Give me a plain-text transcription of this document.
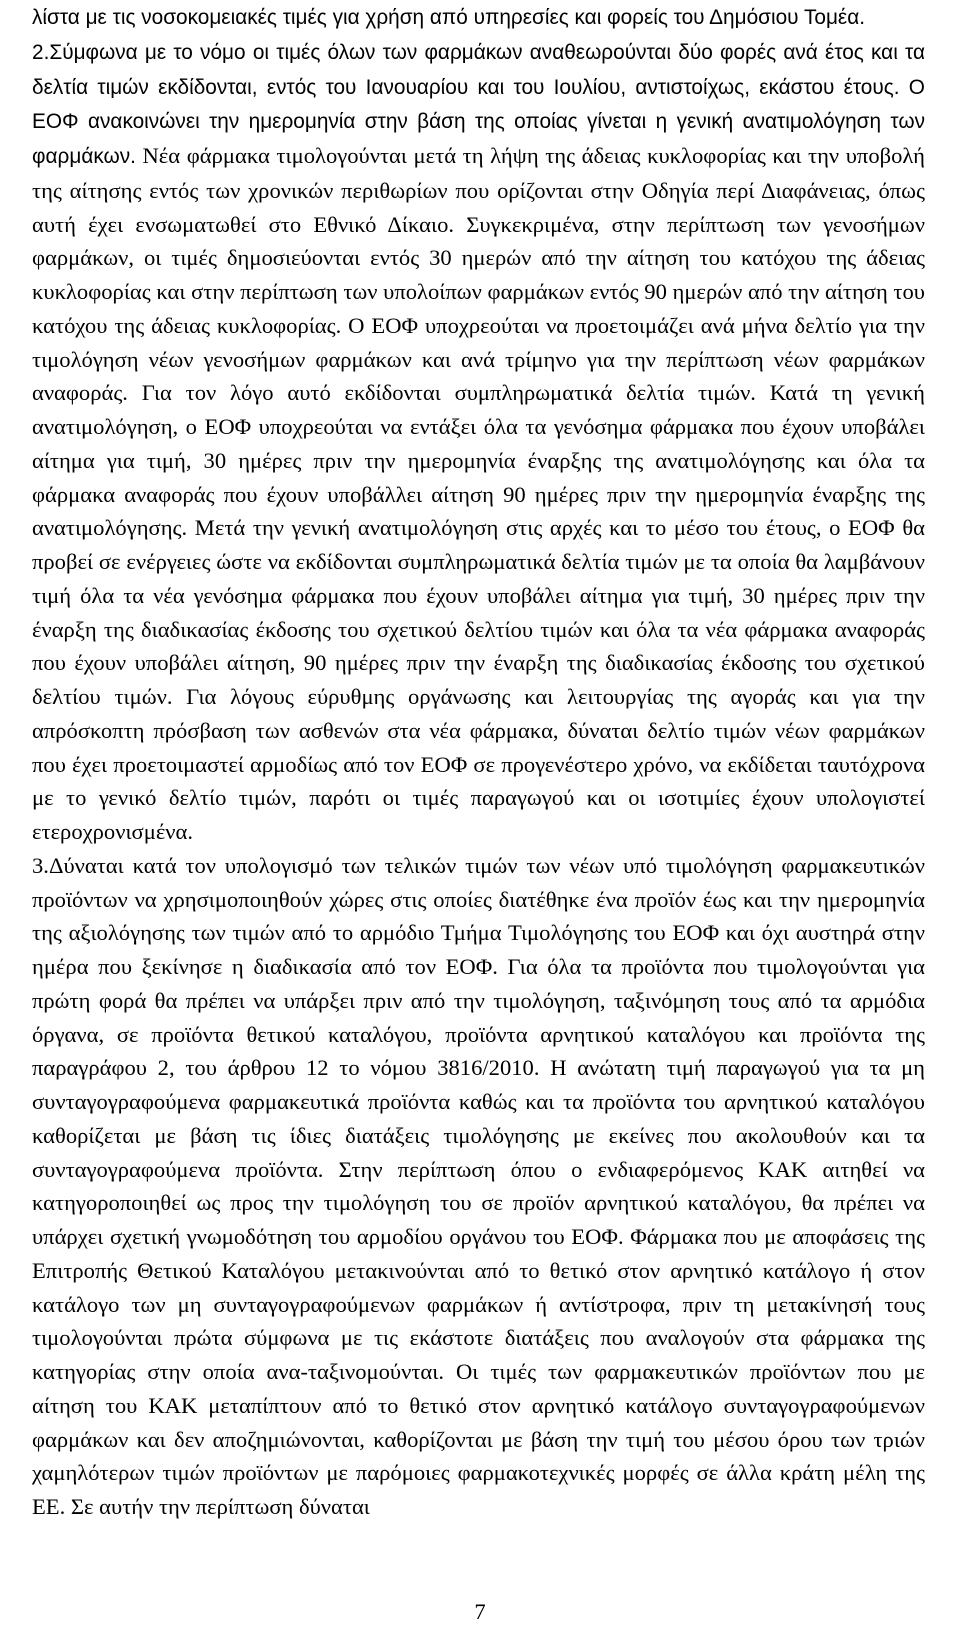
λίστα με τις νοσοκομειακές τιμές για χρήση από υπηρεσίες και φορείς του Δημόσιου Τομέα.

2.Σύμφωνα με το νόμο οι τιμές όλων των φαρμάκων αναθεωρούνται δύο φορές ανά έτος και τα δελτία τιμών εκδίδονται, εντός του Ιανουαρίου και του Ιουλίου, αντιστοίχως, εκάστου έτους. Ο ΕΟΦ ανακοινώνει την ημερομηνία στην βάση της οποίας γίνεται η γενική ανατιμολόγηση των φαρμάκων. Νέα φάρμακα τιμολογούνται μετά τη λήψη της άδειας κυκλοφορίας και την υποβολή της αίτησης εντός των χρονικών περιθωρίων που ορίζονται στην Οδηγία περί Διαφάνειας, όπως αυτή έχει ενσωματωθεί στο Εθνικό Δίκαιο. Συγκεκριμένα, στην περίπτωση των γενοσήμων φαρμάκων, οι τιμές δημοσιεύονται εντός 30 ημερών από την αίτηση του κατόχου της άδειας κυκλοφορίας και στην περίπτωση των υπολοίπων φαρμάκων εντός 90 ημερών από την αίτηση του κατόχου της άδειας κυκλοφορίας. Ο ΕΟΦ υποχρεούται να προετοιμάζει ανά μήνα δελτίο για την τιμολόγηση νέων γενοσήμων φαρμάκων και ανά τρίμηνο για την περίπτωση νέων φαρμάκων αναφοράς. Για τον λόγο αυτό εκδίδονται συμπληρωματικά δελτία τιμών. Κατά τη γενική ανατιμολόγηση, ο ΕΟΦ υποχρεούται να εντάξει όλα τα γενόσημα φάρμακα που έχουν υποβάλει αίτημα για τιμή, 30 ημέρες πριν την ημερομηνία έναρξης της ανατιμολόγησης και όλα τα φάρμακα αναφοράς που έχουν υποβάλλει αίτηση 90 ημέρες πριν την ημερομηνία έναρξης της ανατιμολόγησης. Μετά την γενική ανατιμολόγηση στις αρχές και το μέσο του έτους, ο ΕΟΦ θα προβεί σε ενέργειες ώστε να εκδίδονται συμπληρωματικά δελτία τιμών με τα οποία θα λαμβάνουν τιμή όλα τα νέα γενόσημα φάρμακα που έχουν υποβάλει αίτημα για τιμή, 30 ημέρες πριν την έναρξη της διαδικασίας έκδοσης του σχετικού δελτίου τιμών και όλα τα νέα φάρμακα αναφοράς που έχουν υποβάλει αίτηση, 90 ημέρες πριν την έναρξη της διαδικασίας έκδοσης του σχετικού δελτίου τιμών. Για λόγους εύρυθμης οργάνωσης και λειτουργίας της αγοράς και για την απρόσκοπτη πρόσβαση των ασθενών στα νέα φάρμακα, δύναται δελτίο τιμών νέων φαρμάκων που έχει προετοιμαστεί αρμοδίως από τον ΕΟΦ σε προγενέστερο χρόνο, να εκδίδεται ταυτόχρονα με το γενικό δελτίο τιμών, παρότι οι τιμές παραγωγού και οι ισοτιμίες έχουν υπολογιστεί ετεροχρονισμένα.

3.Δύναται κατά τον υπολογισμό των τελικών τιμών των νέων υπό τιμολόγηση φαρμακευτικών προϊόντων να χρησιμοποιηθούν χώρες στις οποίες διατέθηκε ένα προϊόν έως και την ημερομηνία της αξιολόγησης των τιμών από το αρμόδιο Τμήμα Τιμολόγησης του ΕΟΦ και όχι αυστηρά στην ημέρα που ξεκίνησε η διαδικασία από τον ΕΟΦ. Για όλα τα προϊόντα που τιμολογούνται για πρώτη φορά θα πρέπει να υπάρξει πριν από την τιμολόγηση, ταξινόμηση τους από τα αρμόδια όργανα, σε προϊόντα θετικού καταλόγου, προϊόντα αρνητικού καταλόγου και προϊόντα της παραγράφου 2, του άρθρου 12 το νόμου 3816/2010. Η ανώτατη τιμή παραγωγού για τα μη συνταγογραφούμενα φαρμακευτικά προϊόντα καθώς και τα προϊόντα του αρνητικού καταλόγου καθορίζεται με βάση τις ίδιες διατάξεις τιμολόγησης με εκείνες που ακολουθούν και τα συνταγογραφούμενα προϊόντα. Στην περίπτωση όπου ο ενδιαφερόμενος ΚΑΚ αιτηθεί να κατηγοροποιηθεί ως προς την τιμολόγηση του σε προϊόν αρνητικού καταλόγου, θα πρέπει να υπάρχει σχετική γνωμοδότηση του αρμοδίου οργάνου του ΕΟΦ. Φάρμακα που με αποφάσεις της Επιτροπής Θετικού Καταλόγου μετακινούνται από το θετικό στον αρνητικό κατάλογο ή στον κατάλογο των μη συνταγογραφούμενων φαρμάκων ή αντίστροφα, πριν τη μετακίνησή τους τιμολογούνται πρώτα σύμφωνα με τις εκάστοτε διατάξεις που αναλογούν στα φάρμακα της κατηγορίας στην οποία ανα-ταξινομούνται. Οι τιμές των φαρμακευτικών προϊόντων που με αίτηση του ΚΑΚ μεταπίπτουν από το θετικό στον αρνητικό κατάλογο συνταγογραφούμενων φαρμάκων και δεν αποζημιώνονται, καθορίζονται με βάση την τιμή του μέσου όρου των τριών χαμηλότερων τιμών προϊόντων με παρόμοιες φαρμακοτεχνικές μορφές σε άλλα κράτη μέλη της ΕΕ. Σε αυτήν την περίπτωση δύναται

7
